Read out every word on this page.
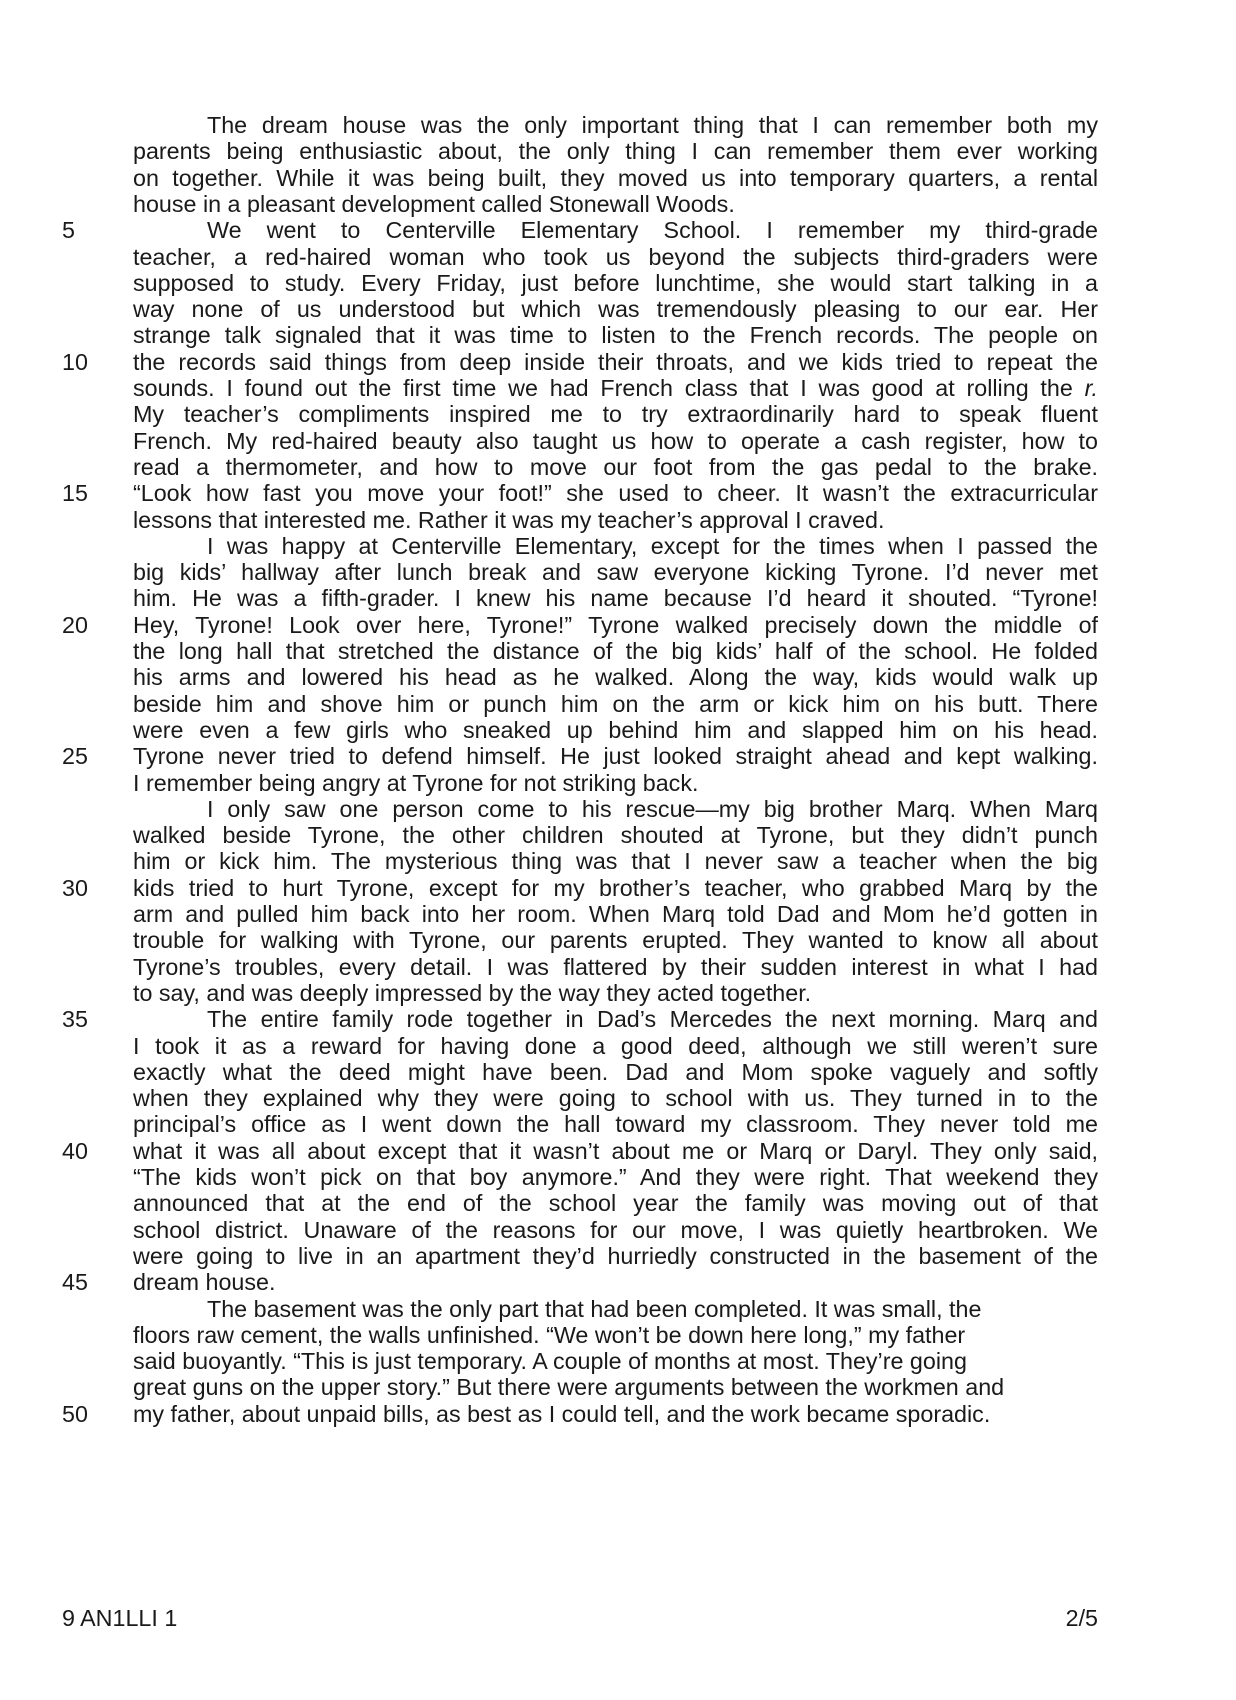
The dream house was the only important thing that I can remember both my
parents being enthusiastic about, the only thing I can remember them ever working
on together. While it was being built, they moved us into temporary quarters, a rental
house in a pleasant development called Stonewall Woods.
We went to Centerville Elementary School. I remember my third-grade
teacher, a red-haired woman who took us beyond the subjects third-graders were
supposed to study. Every Friday, just before lunchtime, she would start talking in a
way none of us understood but which was tremendously pleasing to our ear. Her
strange talk signaled that it was time to listen to the French records. The people on
the records said things from deep inside their throats, and we kids tried to repeat the
sounds. I found out the first time we had French class that I was good at rolling the r.
My teacher’s compliments inspired me to try extraordinarily hard to speak fluent
French. My red-haired beauty also taught us how to operate a cash register, how to
read a thermometer, and how to move our foot from the gas pedal to the brake.
“Look how fast you move your foot!” she used to cheer. It wasn’t the extracurricular
lessons that interested me. Rather it was my teacher’s approval I craved.
I was happy at Centerville Elementary, except for the times when I passed the
big kids’ hallway after lunch break and saw everyone kicking Tyrone. I’d never met
him. He was a fifth-grader. I knew his name because I’d heard it shouted. “Tyrone!
Hey, Tyrone! Look over here, Tyrone!” Tyrone walked precisely down the middle of
the long hall that stretched the distance of the big kids’ half of the school. He folded
his arms and lowered his head as he walked. Along the way, kids would walk up
beside him and shove him or punch him on the arm or kick him on his butt. There
were even a few girls who sneaked up behind him and slapped him on his head.
Tyrone never tried to defend himself. He just looked straight ahead and kept walking.
I remember being angry at Tyrone for not striking back.
I only saw one person come to his rescue—my big brother Marq. When Marq
walked beside Tyrone, the other children shouted at Tyrone, but they didn’t punch
him or kick him. The mysterious thing was that I never saw a teacher when the big
kids tried to hurt Tyrone, except for my brother’s teacher, who grabbed Marq by the
arm and pulled him back into her room. When Marq told Dad and Mom he’d gotten in
trouble for walking with Tyrone, our parents erupted. They wanted to know all about
Tyrone’s troubles, every detail. I was flattered by their sudden interest in what I had
to say, and was deeply impressed by the way they acted together.
The entire family rode together in Dad’s Mercedes the next morning. Marq and
I took it as a reward for having done a good deed, although we still weren’t sure
exactly what the deed might have been. Dad and Mom spoke vaguely and softly
when they explained why they were going to school with us. They turned in to the
principal’s office as I went down the hall toward my classroom. They never told me
what it was all about except that it wasn’t about me or Marq or Daryl. They only said,
“The kids won’t pick on that boy anymore.” And they were right. That weekend they
announced that at the end of the school year the family was moving out of that
school district. Unaware of the reasons for our move, I was quietly heartbroken. We
were going to live in an apartment they’d hurriedly constructed in the basement of the
dream house.
The basement was the only part that had been completed. It was small, the
floors raw cement, the walls unfinished. “We won’t be down here long,” my father
said buoyantly. “This is just temporary. A couple of months at most. They’re going
great guns on the upper story.” But there were arguments between the workmen and
my father, about unpaid bills, as best as I could tell, and the work became sporadic.
5
10
15
20
25
30
35
40
45
50
9 AN1LLI 1	2/5
